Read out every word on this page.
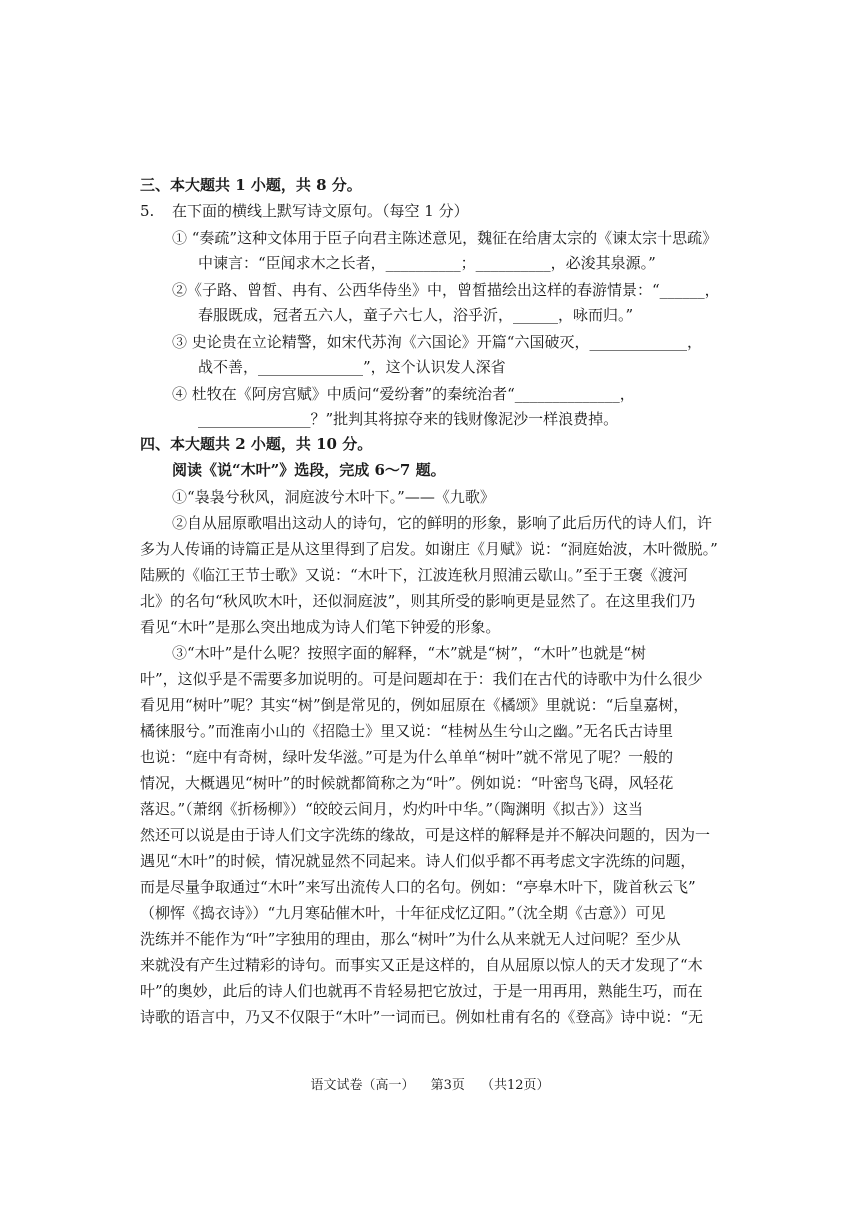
三、本大题共 1 小题，共 8 分。
5. 在下面的横线上默写诗文原句。（每空 1 分）
① “奏疏”这种文体用于臣子向君主陈述意见，魏征在给唐太宗的《谏太宗十思疏》
中谏言：“臣闻求木之长者，__________；__________，必浚其泉源。”
②《子路、曾皙、冉有、公西华侍坐》中，曾皙描绘出这样的春游情景：“______，
春服既成，冠者五六人，童子六七人，浴乎沂，______，咏而归。”
③ 史论贵在立论精警，如宋代苏洵《六国论》开篇“六国破灭，_____________，
战不善，______________”，这个认识发人深省
④ 杜牧在《阿房宫赋》中质问“爱纷奢”的秦统治者“______________，
_______________？”批判其将掠夺来的钱财像泥沙一样浪费掉。
四、本大题共 2 小题，共 10 分。
阅读《说“木叶”》选段，完成 6～7 题。
①“袅袅兮秋风，洞庭波兮木叶下。”——《九歌》
②自从屈原歌唱出这动人的诗句，它的鲜明的形象，影响了此后历代的诗人们，许
多为人传诵的诗篇正是从这里得到了启发。如谢庄《月赋》说：“洞庭始波，木叶微脱。”
陆厥的《临江王节士歌》又说：“木叶下，江波连秋月照浦云歇山。”至于王褒《渡河
北》的名句“秋风吹木叶，还似洞庭波”，则其所受的影响更是显然了。在这里我们乃
看见“木叶”是那么突出地成为诗人们笔下钟爱的形象。
③“木叶”是什么呢？按照字面的解释，“木”就是“树”，“木叶”也就是“树
叶”，这似乎是不需要多加说明的。可是问题却在于：我们在古代的诗歌中为什么很少
看见用“树叶”呢？其实“树”倒是常见的，例如屈原在《橘颂》里就说：“后皇嘉树，
橘徕服兮。”而淮南小山的《招隐士》里又说：“桂树丛生兮山之幽。”无名氏古诗里
也说：“庭中有奇树，绿叶发华滋。”可是为什么单单“树叶”就不常见了呢？一般的
情况，大概遇见“树叶”的时候就都简称之为“叶”。例如说：“叶密鸟飞碍，风轻花
落迟。”（萧纲《折杨柳》）“皎皎云间月，灼灼叶中华。”（陶渊明《拟古》）这当
然还可以说是由于诗人们文字洗练的缘故，可是这样的解释是并不解决问题的，因为一
遇见“木叶”的时候，情况就显然不同起来。诗人们似乎都不再考虑文字洗练的问题，
而是尽量争取通过“木叶”来写出流传人口的名句。例如：“亭皋木叶下，陇首秋云飞”
（柳恽《捣衣诗》）“九月寒砧催木叶，十年征戍忆辽阳。”（沈全期《古意》）可见
洗练并不能作为“叶”字独用的理由，那么“树叶”为什么从来就无人过问呢？至少从
来就没有产生过精彩的诗句。而事实又正是这样的，自从屈原以惊人的天才发现了“木
叶”的奥妙，此后的诗人们也就再不肯轻易把它放过，于是一用再用，熟能生巧，而在
诗歌的语言中，乃又不仅限于“木叶”一词而已。例如杜甫有名的《登高》诗中说：“无
语文试卷（高一） 第3页 （共12页）
